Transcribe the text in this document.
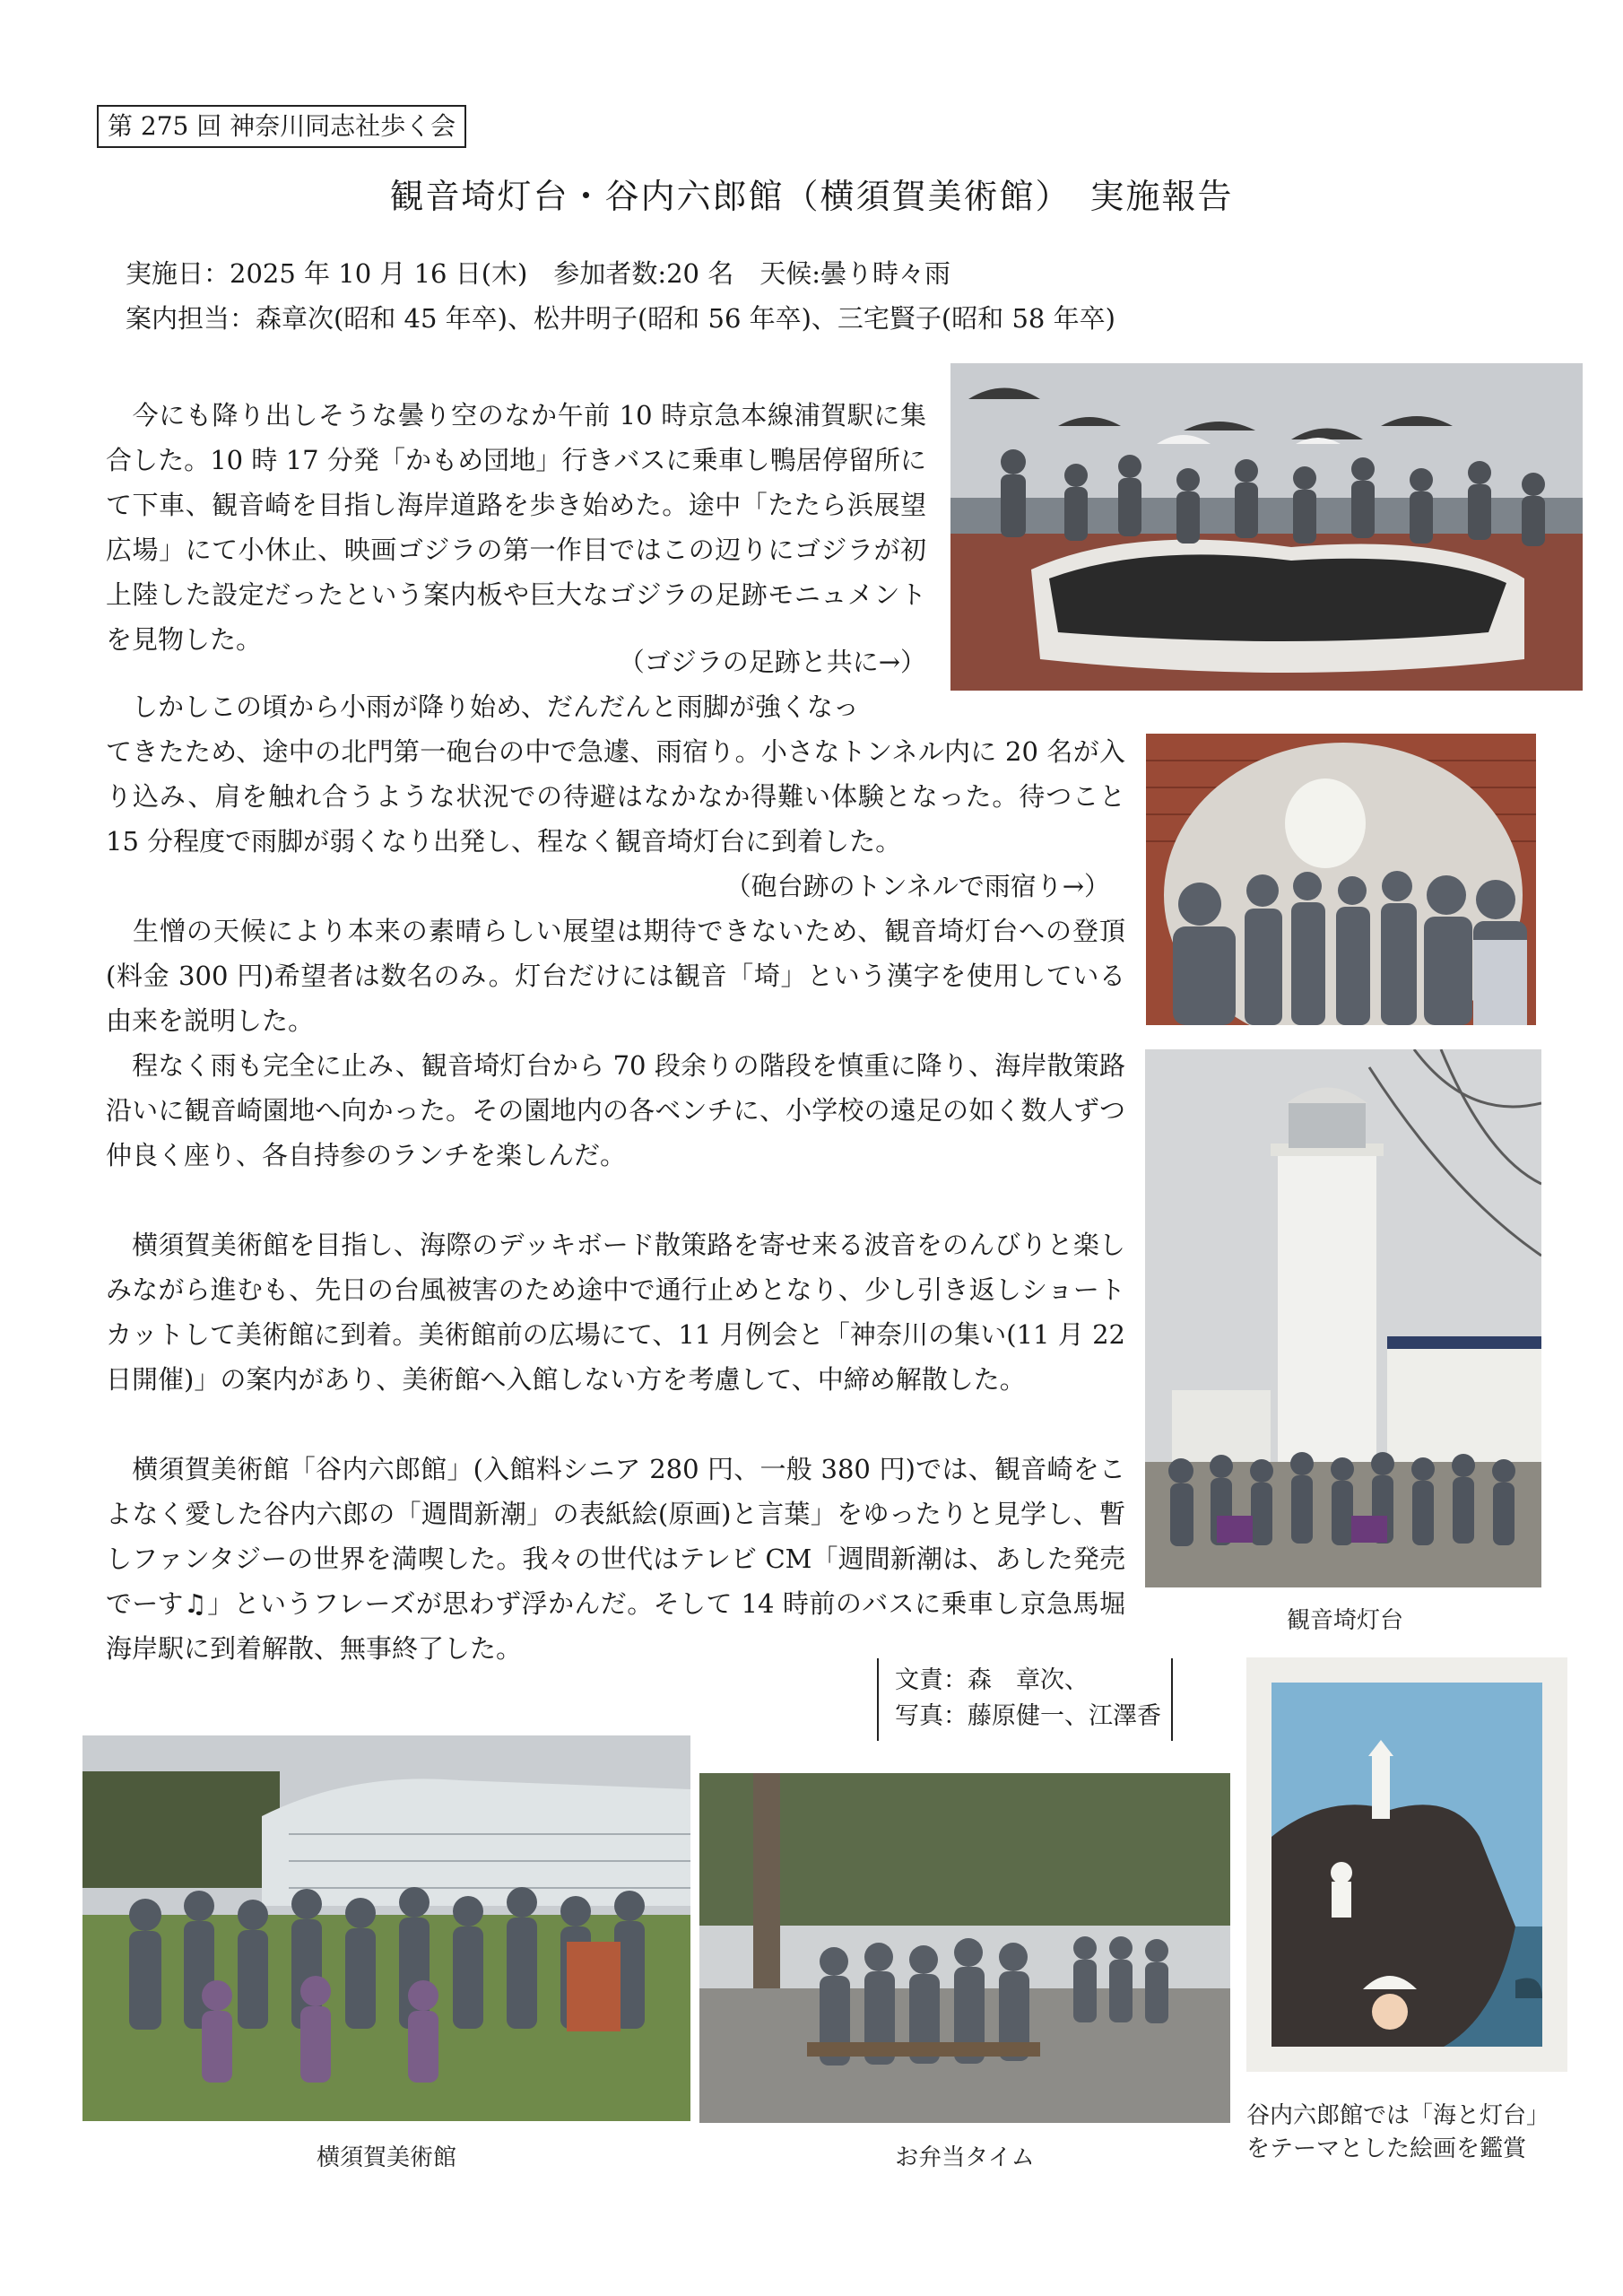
第 275 回 神奈川同志社歩く会
観音埼灯台・谷内六郎館（横須賀美術館）　実施報告
実施日：2025 年 10 月 16 日(木)　参加者数:20 名　天候:曇り時々雨
案内担当：森章次(昭和 45 年卒)、松井明子(昭和 56 年卒)、三宅賢子(昭和 58 年卒)

　今にも降り出しそうな曇り空のなか午前 10 時京急本線浦賀駅に集合した。10 時 17 分発「かもめ団地」行きバスに乗車し鴨居停留所にて下車、観音崎を目指し海岸道路を歩き始めた。途中「たたら浜展望広場」にて小休止、映画ゴジラの第一作目ではこの辺りにゴジラが初上陸した設定だったという案内板や巨大なゴジラの足跡モニュメントを見物した。

（ゴジラの足跡と共に→）

　しかしこの頃から小雨が降り始め、だんだんと雨脚が強くなっ

てきたため、途中の北門第一砲台の中で急遽、雨宿り。小さなトンネル内に 20 名が入り込み、肩を触れ合うような状況での待避はなかなか得難い体験となった。待つこと 15 分程度で雨脚が弱くなり出発し、程なく観音埼灯台に到着した。

（砲台跡のトンネルで雨宿り→）

　生憎の天候により本来の素晴らしい展望は期待できないため、観音埼灯台への登頂(料金 300 円)希望者は数名のみ。灯台だけには観音「埼」という漢字を使用している由来を説明した。

観音埼灯台

　程なく雨も完全に止み、観音埼灯台から 70 段余りの階段を慎重に降り、海岸散策路沿いに観音崎園地へ向かった。その園地内の各ベンチに、小学校の遠足の如く数人ずつ仲良く座り、各自持参のランチを楽しんだ。

　横須賀美術館を目指し、海際のデッキボード散策路を寄せ来る波音をのんびりと楽しみながら進むも、先日の台風被害のため途中で通行止めとなり、少し引き返しショートカットして美術館に到着。美術館前の広場にて、11 月例会と「神奈川の集い(11 月 22 日開催)」の案内があり、美術館へ入館しない方を考慮して、中締め解散した。

　横須賀美術館「谷内六郎館」(入館料シニア 280 円、一般 380 円)では、観音崎をこよなく愛した谷内六郎の「週間新潮」の表紙絵(原画)と言葉」をゆったりと見学し、暫しファンタジーの世界を満喫した。我々の世代はテレビ CM「週間新潮は、あした発売でーす♫」というフレーズが思わず浮かんだ。そして 14 時前のバスに乗車し京急馬堀海岸駅に到着解散、無事終了した。

文責：森　章次、
写真：藤原健一、江澤香
横須賀美術館	お弁当タイム
谷内六郎館では「海と灯台」
をテーマとした絵画を鑑賞
